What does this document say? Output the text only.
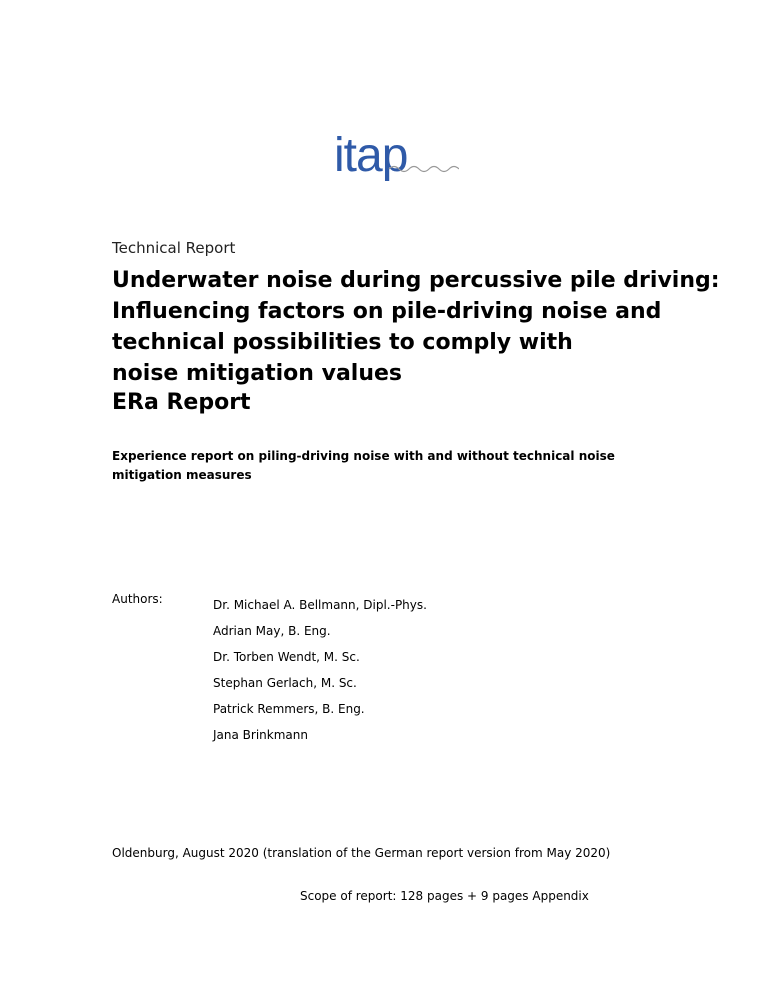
itap
Technical Report
Underwater noise during percussive pile driving:
Influencing factors on pile-driving noise and
technical possibilities to comply with
noise mitigation values
ERa Report
Experience report on piling-driving noise with and without technical noise mitigation measures
Authors:	Dr. Michael A. Bellmann, Dipl.-Phys.
Adrian May, B. Eng.
Dr. Torben Wendt, M. Sc.
Stephan Gerlach, M. Sc.
Patrick Remmers, B. Eng.
Jana Brinkmann
Oldenburg, August 2020 (translation of the German report version from May 2020)
Scope of report: 128 pages + 9 pages Appendix
